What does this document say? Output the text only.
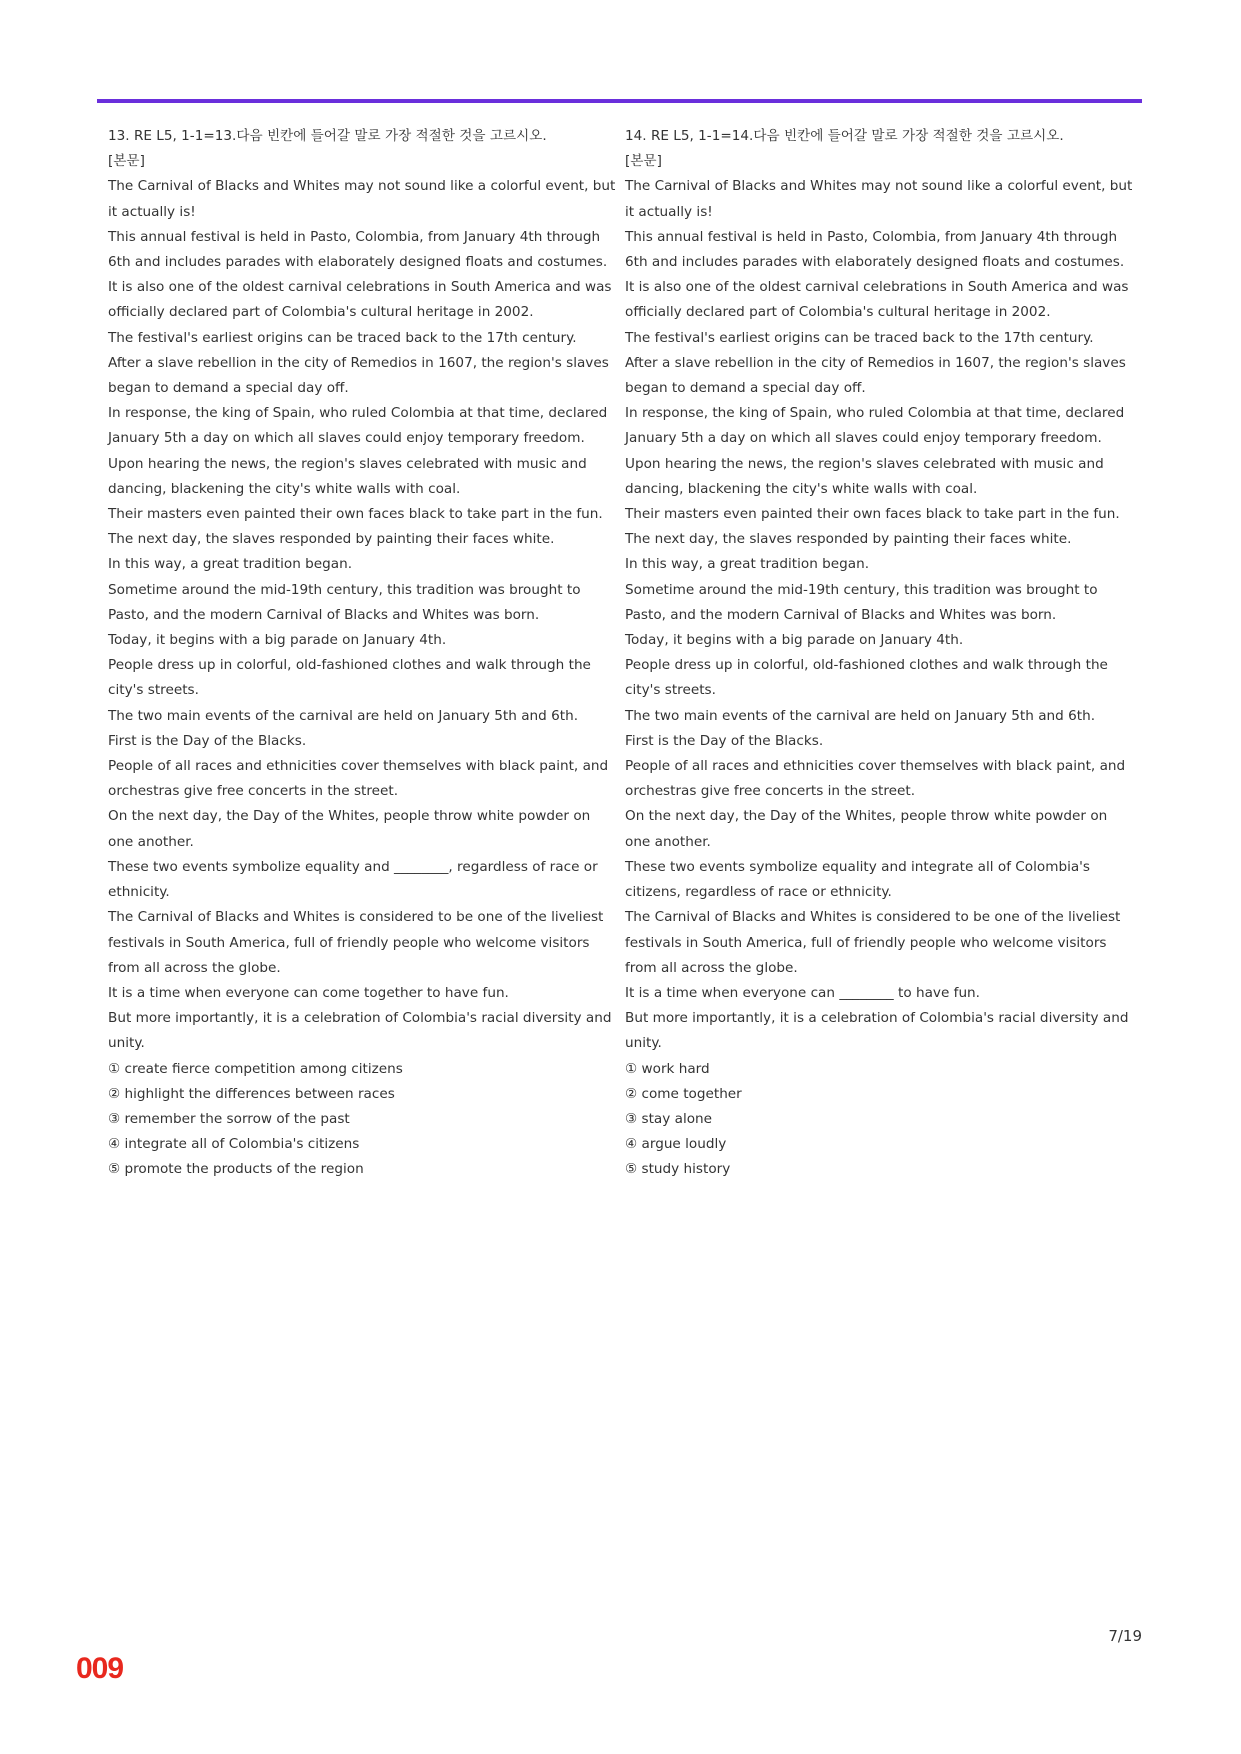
13. RE L5, 1-1=13.다음 빈칸에 들어갈 말로 가장 적절한 것을 고르시오.

[본문]

The Carnival of Blacks and Whites may not sound like a colorful event, but it actually is!

This annual festival is held in Pasto, Colombia, from January 4th through 6th and includes parades with elaborately designed floats and costumes.

It is also one of the oldest carnival celebrations in South America and was officially declared part of Colombia's cultural heritage in 2002.

The festival's earliest origins can be traced back to the 17th century.

After a slave rebellion in the city of Remedios in 1607, the region's slaves began to demand a special day off.

In response, the king of Spain, who ruled Colombia at that time, declared January 5th a day on which all slaves could enjoy temporary freedom.

Upon hearing the news, the region's slaves celebrated with music and dancing, blackening the city's white walls with coal.

Their masters even painted their own faces black to take part in the fun.

The next day, the slaves responded by painting their faces white.

In this way, a great tradition began.

Sometime around the mid-19th century, this tradition was brought to Pasto, and the modern Carnival of Blacks and Whites was born.

Today, it begins with a big parade on January 4th.

People dress up in colorful, old-fashioned clothes and walk through the city's streets.

The two main events of the carnival are held on January 5th and 6th.

First is the Day of the Blacks.

People of all races and ethnicities cover themselves with black paint, and orchestras give free concerts in the street.

On the next day, the Day of the Whites, people throw white powder on one another.

These two events symbolize equality and ________, regardless of race or ethnicity.

The Carnival of Blacks and Whites is considered to be one of the liveliest festivals in South America, full of friendly people who welcome visitors from all across the globe.

It is a time when everyone can come together to have fun.

But more importantly, it is a celebration of Colombia's racial diversity and unity.

① create fierce competition among citizens

② highlight the differences between races

③ remember the sorrow of the past

④ integrate all of Colombia's citizens

⑤ promote the products of the region

14. RE L5, 1-1=14.다음 빈칸에 들어갈 말로 가장 적절한 것을 고르시오.

[본문]

The Carnival of Blacks and Whites may not sound like a colorful event, but it actually is!

This annual festival is held in Pasto, Colombia, from January 4th through 6th and includes parades with elaborately designed floats and costumes.

It is also one of the oldest carnival celebrations in South America and was officially declared part of Colombia's cultural heritage in 2002.

The festival's earliest origins can be traced back to the 17th century.

After a slave rebellion in the city of Remedios in 1607, the region's slaves began to demand a special day off.

In response, the king of Spain, who ruled Colombia at that time, declared January 5th a day on which all slaves could enjoy temporary freedom.

Upon hearing the news, the region's slaves celebrated with music and dancing, blackening the city's white walls with coal.

Their masters even painted their own faces black to take part in the fun.

The next day, the slaves responded by painting their faces white.

In this way, a great tradition began.

Sometime around the mid-19th century, this tradition was brought to Pasto, and the modern Carnival of Blacks and Whites was born.

Today, it begins with a big parade on January 4th.

People dress up in colorful, old-fashioned clothes and walk through the city's streets.

The two main events of the carnival are held on January 5th and 6th.

First is the Day of the Blacks.

People of all races and ethnicities cover themselves with black paint, and orchestras give free concerts in the street.

On the next day, the Day of the Whites, people throw white powder on one another.

These two events symbolize equality and integrate all of Colombia's citizens, regardless of race or ethnicity.

The Carnival of Blacks and Whites is considered to be one of the liveliest festivals in South America, full of friendly people who welcome visitors from all across the globe.

It is a time when everyone can ________ to have fun.

But more importantly, it is a celebration of Colombia's racial diversity and unity.

① work hard

② come together

③ stay alone

④ argue loudly

⑤ study history

7/19
009
